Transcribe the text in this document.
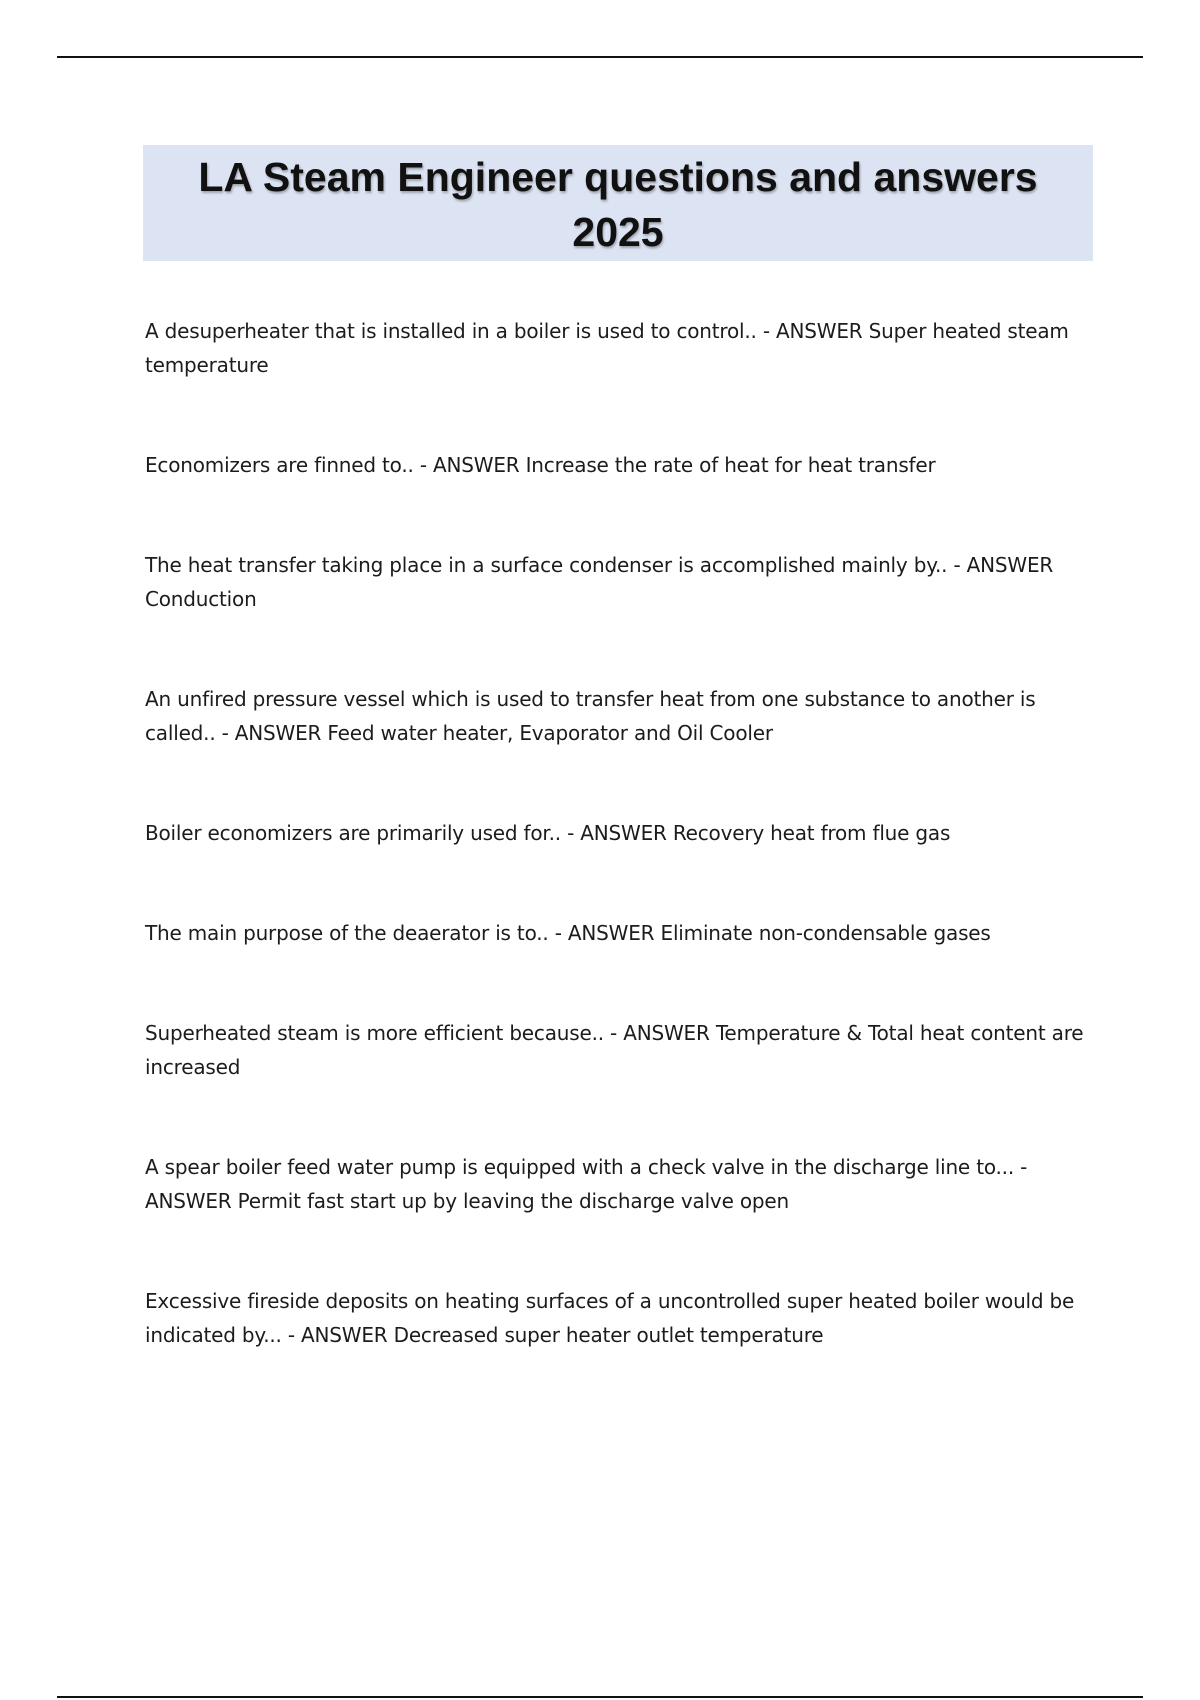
LA Steam Engineer questions and answers 2025
A desuperheater that is installed in a boiler is used to control.. - ANSWER Super heated steam temperature
Economizers are finned to.. - ANSWER Increase the rate of heat for heat transfer
The heat transfer taking place in a surface condenser is accomplished mainly by.. - ANSWER Conduction
An unfired pressure vessel which is used to transfer heat from one substance to another is called.. - ANSWER Feed water heater, Evaporator and Oil Cooler
Boiler economizers are primarily used for.. - ANSWER Recovery heat from flue gas
The main purpose of the deaerator is to.. - ANSWER Eliminate non-condensable gases
Superheated steam is more efficient because.. - ANSWER Temperature & Total heat content are increased
A spear boiler feed water pump is equipped with a check valve in the discharge line to... - ANSWER Permit fast start up by leaving the discharge valve open
Excessive fireside deposits on heating surfaces of a uncontrolled super heated boiler would be indicated by... - ANSWER Decreased super heater outlet temperature
